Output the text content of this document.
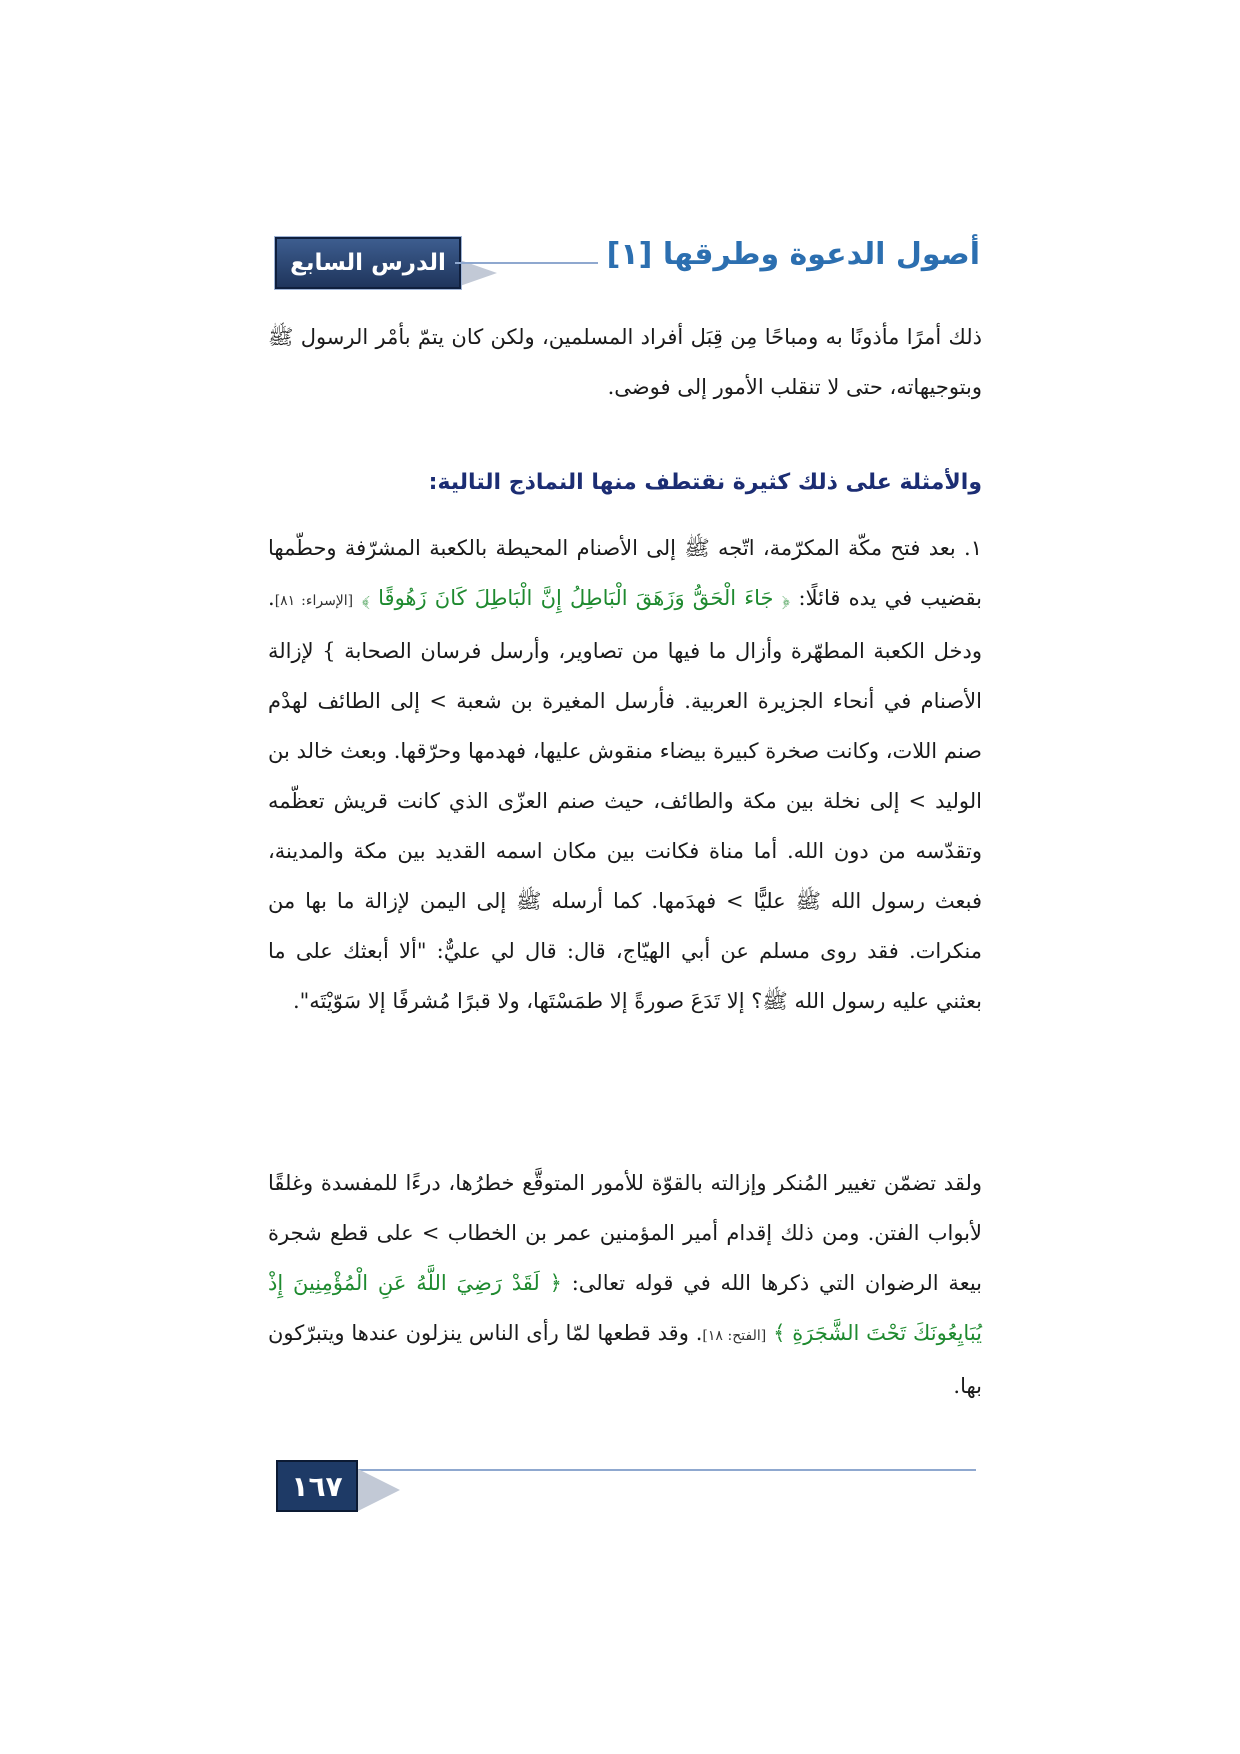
الدرس السابع	أصول الدعوة وطرقها [١]

ذلك أمرًا مأذونًا به ومباحًا مِن قِبَل أفراد المسلمين، ولكن كان يتمّ بأمْر الرسول ﷺ وبتوجيهاته، حتى لا تنقلب الأمور إلى فوضى.

والأمثلة على ذلك كثيرة نقتطف منها النماذج التالية:

١. بعد فتح مكّة المكرّمة، اتّجه ﷺ إلى الأصنام المحيطة بالكعبة المشرّفة وحطّمها بقضيب في يده قائلًا: ﴿ جَاءَ الْحَقُّ وَزَهَقَ الْبَاطِلُ إِنَّ الْبَاطِلَ كَانَ زَهُوقًا ﴾ [الإسراء: ٨١]. ودخل الكعبة المطهّرة وأزال ما فيها من تصاوير، وأرسل فرسان الصحابة } لإزالة الأصنام في أنحاء الجزيرة العربية. فأرسل المغيرة بن شعبة > إلى الطائف لهدْم صنم اللات، وكانت صخرة كبيرة بيضاء منقوش عليها، فهدمها وحرّقها. وبعث خالد بن الوليد > إلى نخلة بين مكة والطائف، حيث صنم العزّى الذي كانت قريش تعظّمه وتقدّسه من دون الله. أما مناة فكانت بين مكان اسمه القديد بين مكة والمدينة، فبعث رسول الله ﷺ عليًّا > فهدَمها. كما أرسله ﷺ إلى اليمن لإزالة ما بها من منكرات. فقد روى مسلم عن أبي الهيّاج، قال: قال لي عليٌّ: "ألا أبعثك على ما بعثني عليه رسول الله ﷺ؟ إلا تَدَعَ صورةً إلا طمَسْتَها، ولا قبرًا مُشرفًا إلا سَوّيْتَه".

ولقد تضمّن تغيير المُنكر وإزالته بالقوّة للأمور المتوقَّع خطرُها، درءًا للمفسدة وغلقًا لأبواب الفتن. ومن ذلك إقدام أمير المؤمنين عمر بن الخطاب > على قطع شجرة بيعة الرضوان التي ذكرها الله في قوله تعالى: ﴿ لَقَدْ رَضِيَ اللَّهُ عَنِ الْمُؤْمِنِينَ إِذْ يُبَايِعُونَكَ تَحْتَ الشَّجَرَةِ ﴾ [الفتح: ١٨]. وقد قطعها لمّا رأى الناس ينزلون عندها ويتبرّكون بها.

١٦٧
